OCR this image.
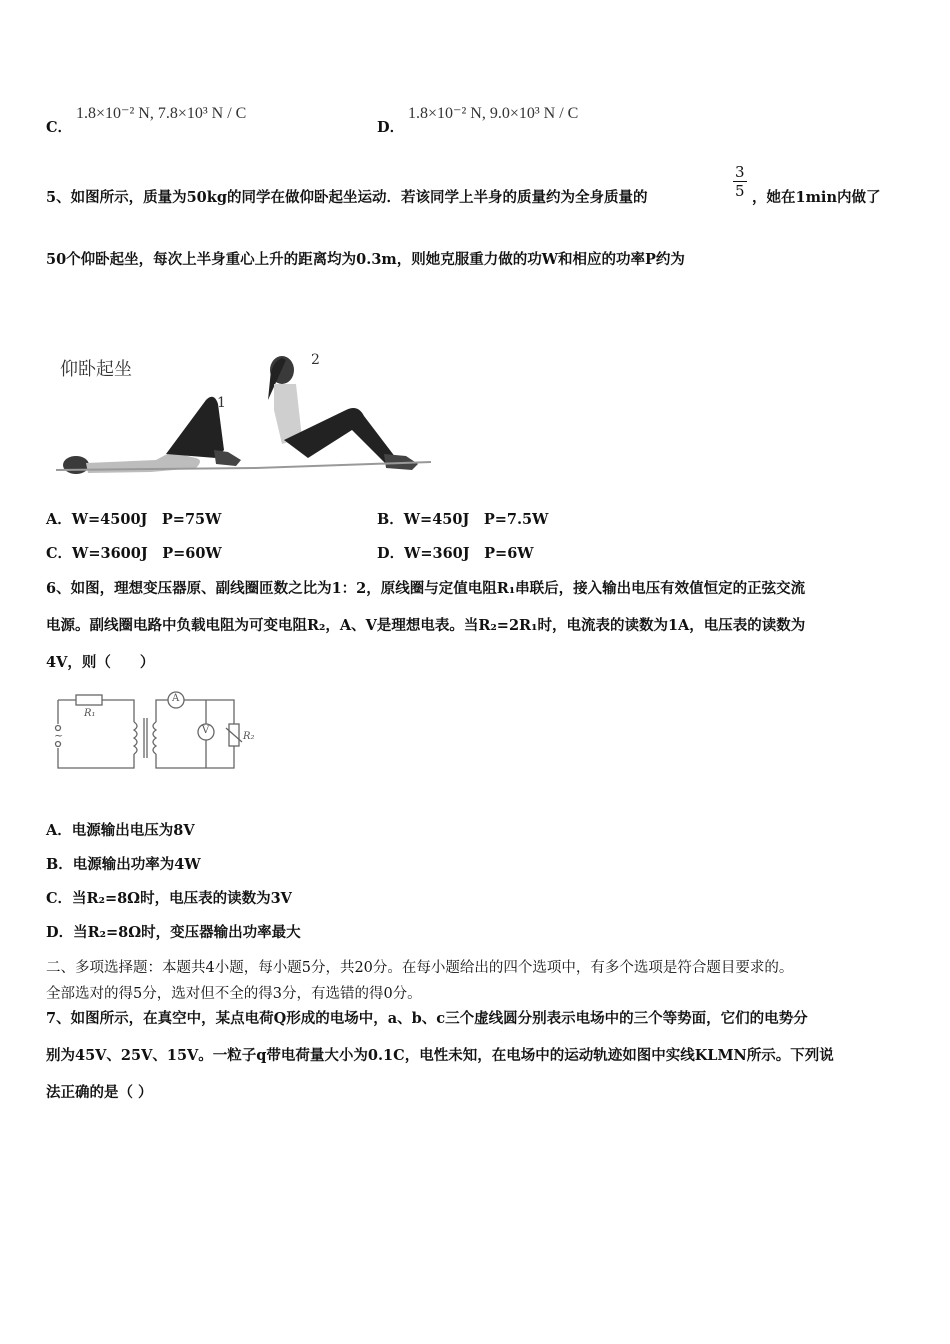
C．
1.8×10⁻² N, 7.8×10³ N / C
D．
1.8×10⁻² N, 9.0×10³ N / C
5、如图所示，质量为50kg的同学在做仰卧起坐运动．若该同学上半身的质量约为全身质量的	$\frac{3}{5}$ ，她在1min内做了
50个仰卧起坐，每次上半身重心上升的距离均为0.3m，则她克服重力做的功W和相应的功率P约为
仰卧起坐
1
2
A．W=4500J　P=75W	B．W=450J　P=7.5W
C．W=3600J　P=60W	D．W=360J　P=6W
6、如图，理想变压器原、副线圈匝数之比为1：2，原线圈与定值电阻R₁串联后，接入输出电压有效值恒定的正弦交流
电源。副线圈电路中负载电阻为可变电阻R₂，A、V是理想电表。当R₂=2R₁时，电流表的读数为1A，电压表的读数为
4V，则（　　）
R₁
R₂
A
V
~
A．电源输出电压为8V
B．电源输出功率为4W
C．当R₂=8Ω时，电压表的读数为3V
D．当R₂=8Ω时，变压器输出功率最大
二、多项选择题：本题共4小题，每小题5分，共20分。在每小题给出的四个选项中，有多个选项是符合题目要求的。
全部选对的得5分，选对但不全的得3分，有选错的得0分。
7、如图所示，在真空中，某点电荷Q形成的电场中，a、b、c三个虚线圆分别表示电场中的三个等势面，它们的电势分
别为45V、25V、15V。一粒子q带电荷量大小为0.1C，电性未知，在电场中的运动轨迹如图中实线KLMN所示。下列说
法正确的是（ ）
